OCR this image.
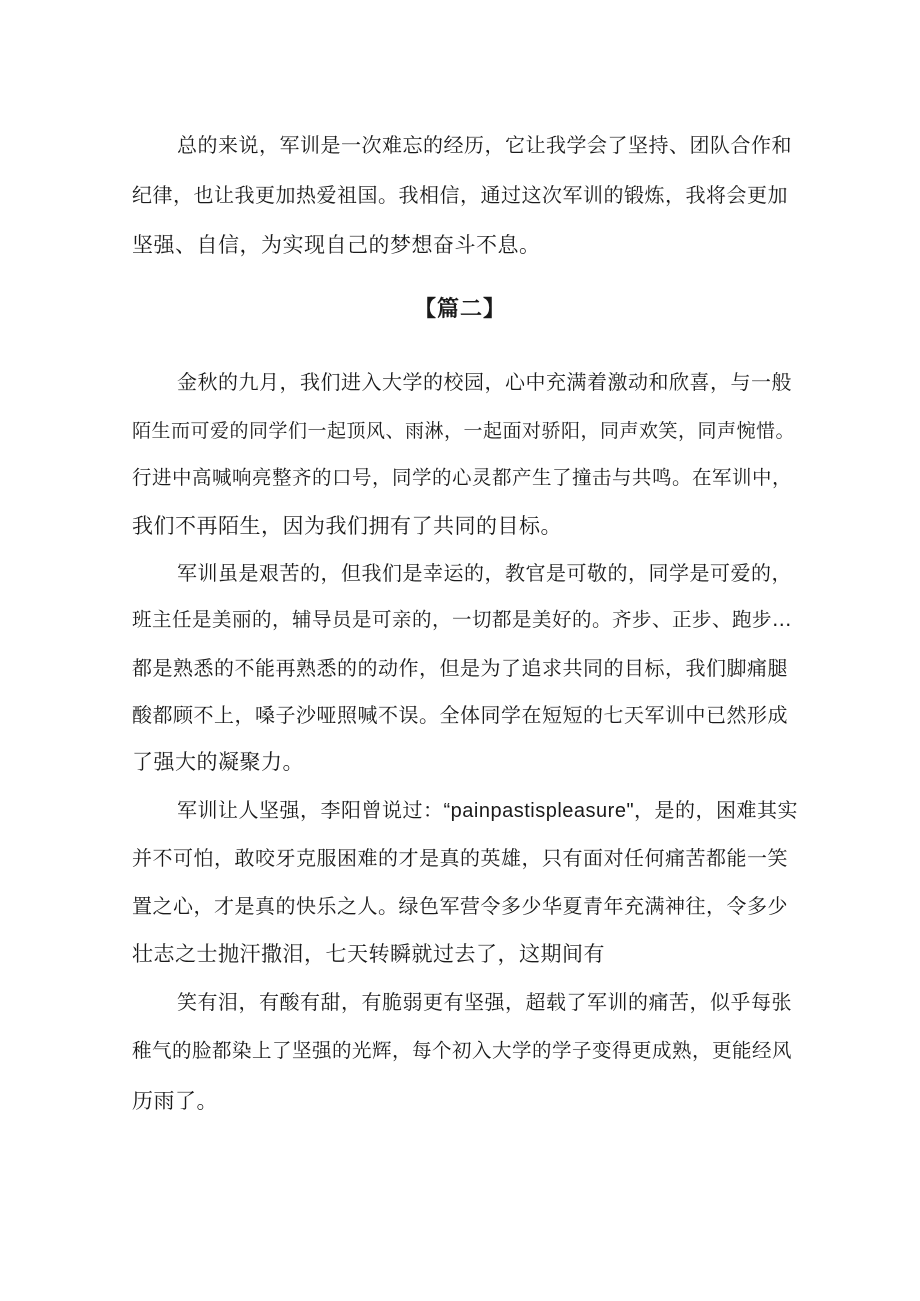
总的来说，军训是一次难忘的经历，它让我学会了坚持、团队合作和
纪律，也让我更加热爱祖国。我相信，通过这次军训的锻炼，我将会更加
坚强、自信，为实现自己的梦想奋斗不息。
【篇二】
金秋的九月，我们进入大学的校园，心中充满着激动和欣喜，与一般
陌生而可爱的同学们一起顶风、雨淋，一起面对骄阳，同声欢笑，同声惋惜。
行进中高喊响亮整齐的口号，同学的心灵都产生了撞击与共鸣。在军训中，
我们不再陌生，因为我们拥有了共同的目标。
军训虽是艰苦的，但我们是幸运的，教官是可敬的，同学是可爱的，
班主任是美丽的，辅导员是可亲的，一切都是美好的。齐步、正步、跑步…
都是熟悉的不能再熟悉的的动作，但是为了追求共同的目标，我们脚痛腿
酸都顾不上，嗓子沙哑照喊不误。全体同学在短短的七天军训中已然形成
了强大的凝聚力。
军训让人坚强，李阳曾说过：“painpastispleasure"，是的，困难其实
并不可怕，敢咬牙克服困难的才是真的英雄，只有面对任何痛苦都能一笑
置之心，才是真的快乐之人。绿色军营令多少华夏青年充满神往，令多少
壮志之士抛汗撒泪，七天转瞬就过去了，这期间有
笑有泪，有酸有甜，有脆弱更有坚强，超载了军训的痛苦，似乎每张
稚气的脸都染上了坚强的光辉，每个初入大学的学子变得更成熟，更能经风
历雨了。
